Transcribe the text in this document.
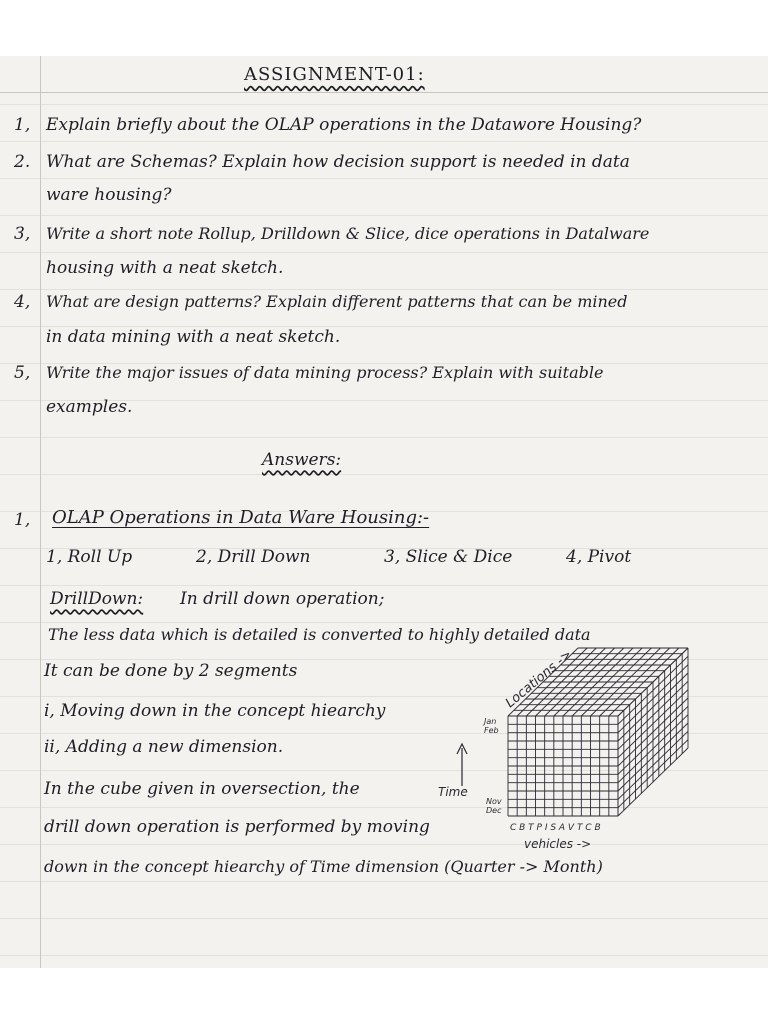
ASSIGNMENT-01:
1, Explain briefly about the OLAP operations in the Datawore Housing?
2. What are Schemas? Explain how decision support is needed in data
ware housing?
3, Write a short note Rollup, Drilldown & Slice, dice operations in Datalware
housing with a neat sketch.
4, What are design patterns? Explain different patterns that can be mined
in data mining with a neat sketch.
5, Write the major issues of data mining process? Explain with suitable
examples.
Answers:
1, OLAP Operations in Data Ware Housing:-
1, Roll Up	2, Drill Down	3, Slice & Dice	4, Pivot
DrillDown: In drill down operation;
The less data which is detailed is converted to highly detailed data
It can be done by 2 segments
i, Moving down in the concept hiearchy
ii, Adding a new dimension.
In the cube given in oversection, the
drill down operation is performed by moving
down in the concept hiearchy of Time dimension (Quarter -> Month)
Locations ->
Time
Jan
Feb
Nov
Dec
C B T P I S A V T C B
vehicles ->
